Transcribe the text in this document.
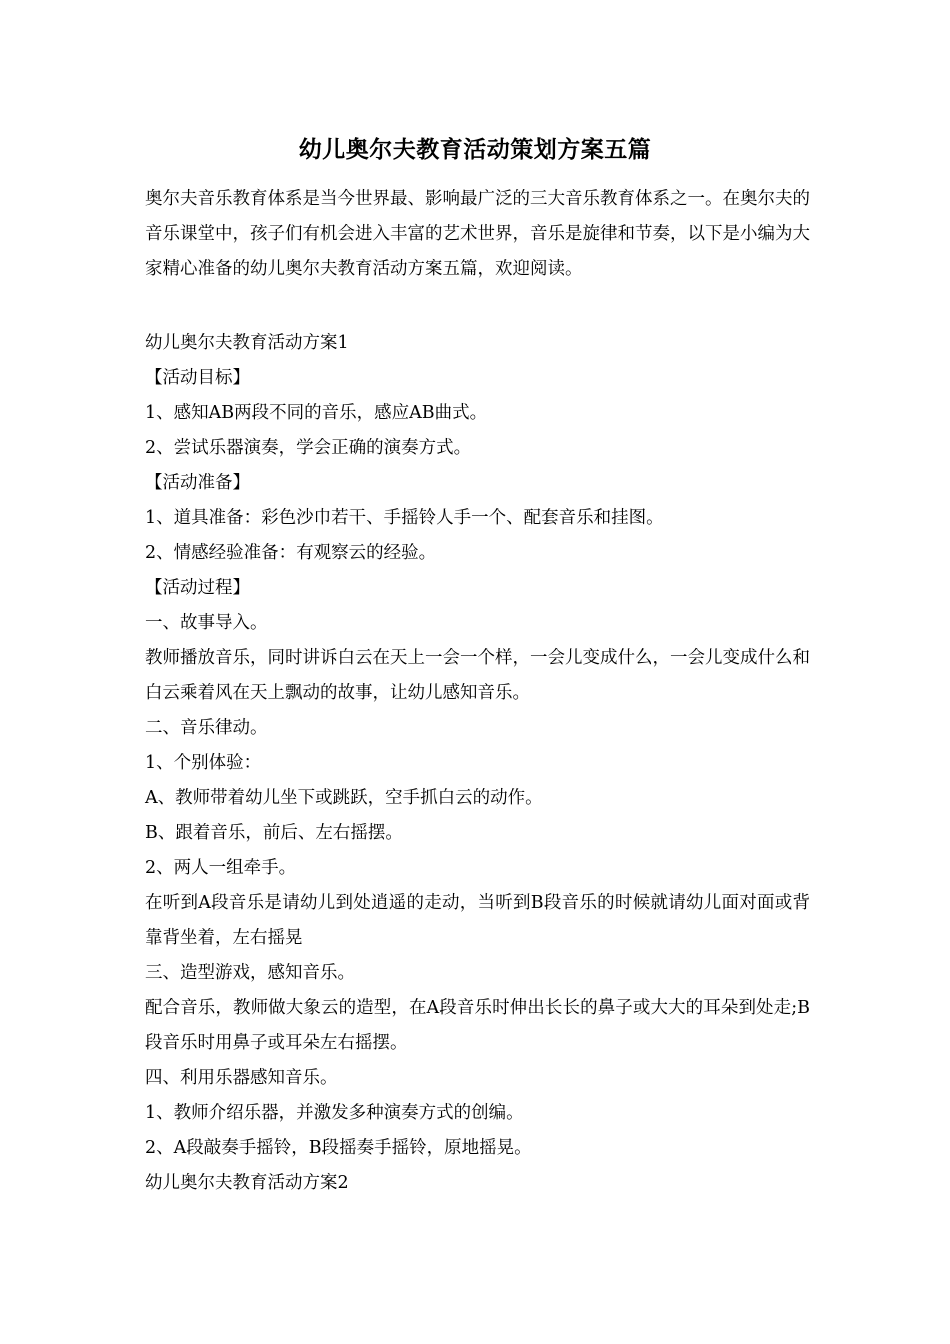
幼儿奥尔夫教育活动策划方案五篇
奥尔夫音乐教育体系是当今世界最、影响最广泛的三大音乐教育体系之一。在奥尔夫的音乐课堂中，孩子们有机会进入丰富的艺术世界，音乐是旋律和节奏，以下是小编为大家精心准备的幼儿奥尔夫教育活动方案五篇，欢迎阅读。
幼儿奥尔夫教育活动方案1
【活动目标】
1、感知AB两段不同的音乐，感应AB曲式。
2、尝试乐器演奏，学会正确的演奏方式。
【活动准备】
1、道具准备：彩色沙巾若干、手摇铃人手一个、配套音乐和挂图。
2、情感经验准备：有观察云的经验。
【活动过程】
一、故事导入。
教师播放音乐，同时讲诉白云在天上一会一个样，一会儿变成什么，一会儿变成什么和白云乘着风在天上飘动的故事，让幼儿感知音乐。
二、音乐律动。
1、个别体验：
A、教师带着幼儿坐下或跳跃，空手抓白云的动作。
B、跟着音乐，前后、左右摇摆。
2、两人一组牵手。
在听到A段音乐是请幼儿到处逍遥的走动，当听到B段音乐的时候就请幼儿面对面或背靠背坐着，左右摇晃
三、造型游戏，感知音乐。
配合音乐，教师做大象云的造型，在A段音乐时伸出长长的鼻子或大大的耳朵到处走;B段音乐时用鼻子或耳朵左右摇摆。
四、利用乐器感知音乐。
1、教师介绍乐器，并激发多种演奏方式的创编。
2、A段敲奏手摇铃，B段摇奏手摇铃，原地摇晃。
幼儿奥尔夫教育活动方案2
